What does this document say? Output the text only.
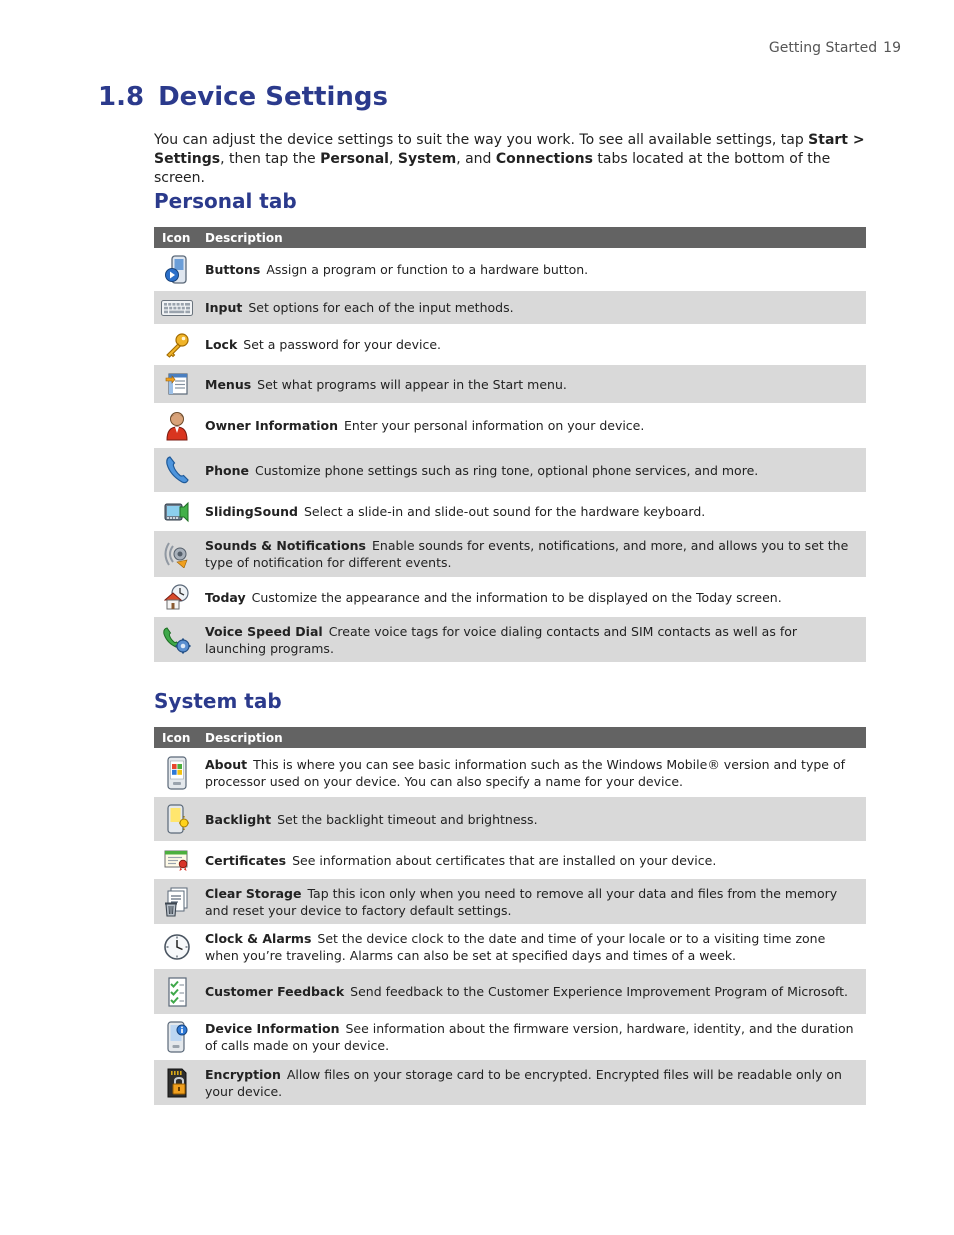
Getting Started 19
1.8 Device Settings

You can adjust the device settings to suit the way you work. To see all available settings, tap Start > Settings, then tap the Personal, System, and Connections tabs located at the bottom of the screen.

Personal tab
Icon	Description

	Buttons Assign a program or function to a hardware button.

	Input Set options for each of the input methods.

	Lock Set a password for your device.

	Menus Set what programs will appear in the Start menu.

	Owner Information Enter your personal information on your device.

	Phone Customize phone settings such as ring tone, optional phone services, and more.

	SlidingSound Select a slide-in and slide-out sound for the hardware keyboard.

	Sounds & Notifications Enable sounds for events, notifications, and more, and allows you to set the type of notification for different events.

	Today Customize the appearance and the information to be displayed on the Today screen.

	Voice Speed Dial Create voice tags for voice dialing contacts and SIM contacts as well as for launching programs.
System tab
Icon	Description

	About This is where you can see basic information such as the Windows Mobile® version and type of processor used on your device. You can also specify a name for your device.

	Backlight Set the backlight timeout and brightness.

	Certificates See information about certificates that are installed on your device.

	Clear Storage Tap this icon only when you need to remove all your data and files from the memory and reset your device to factory default settings.

	Clock & Alarms Set the device clock to the date and time of your locale or to a visiting time zone when you’re traveling. Alarms can also be set at specified days and times of a week.

	Customer Feedback Send feedback to the Customer Experience Improvement Program of Microsoft.

	Device Information See information about the firmware version, hardware, identity, and the duration of calls made on your device.

	Encryption Allow files on your storage card to be encrypted. Encrypted files will be readable only on your device.
